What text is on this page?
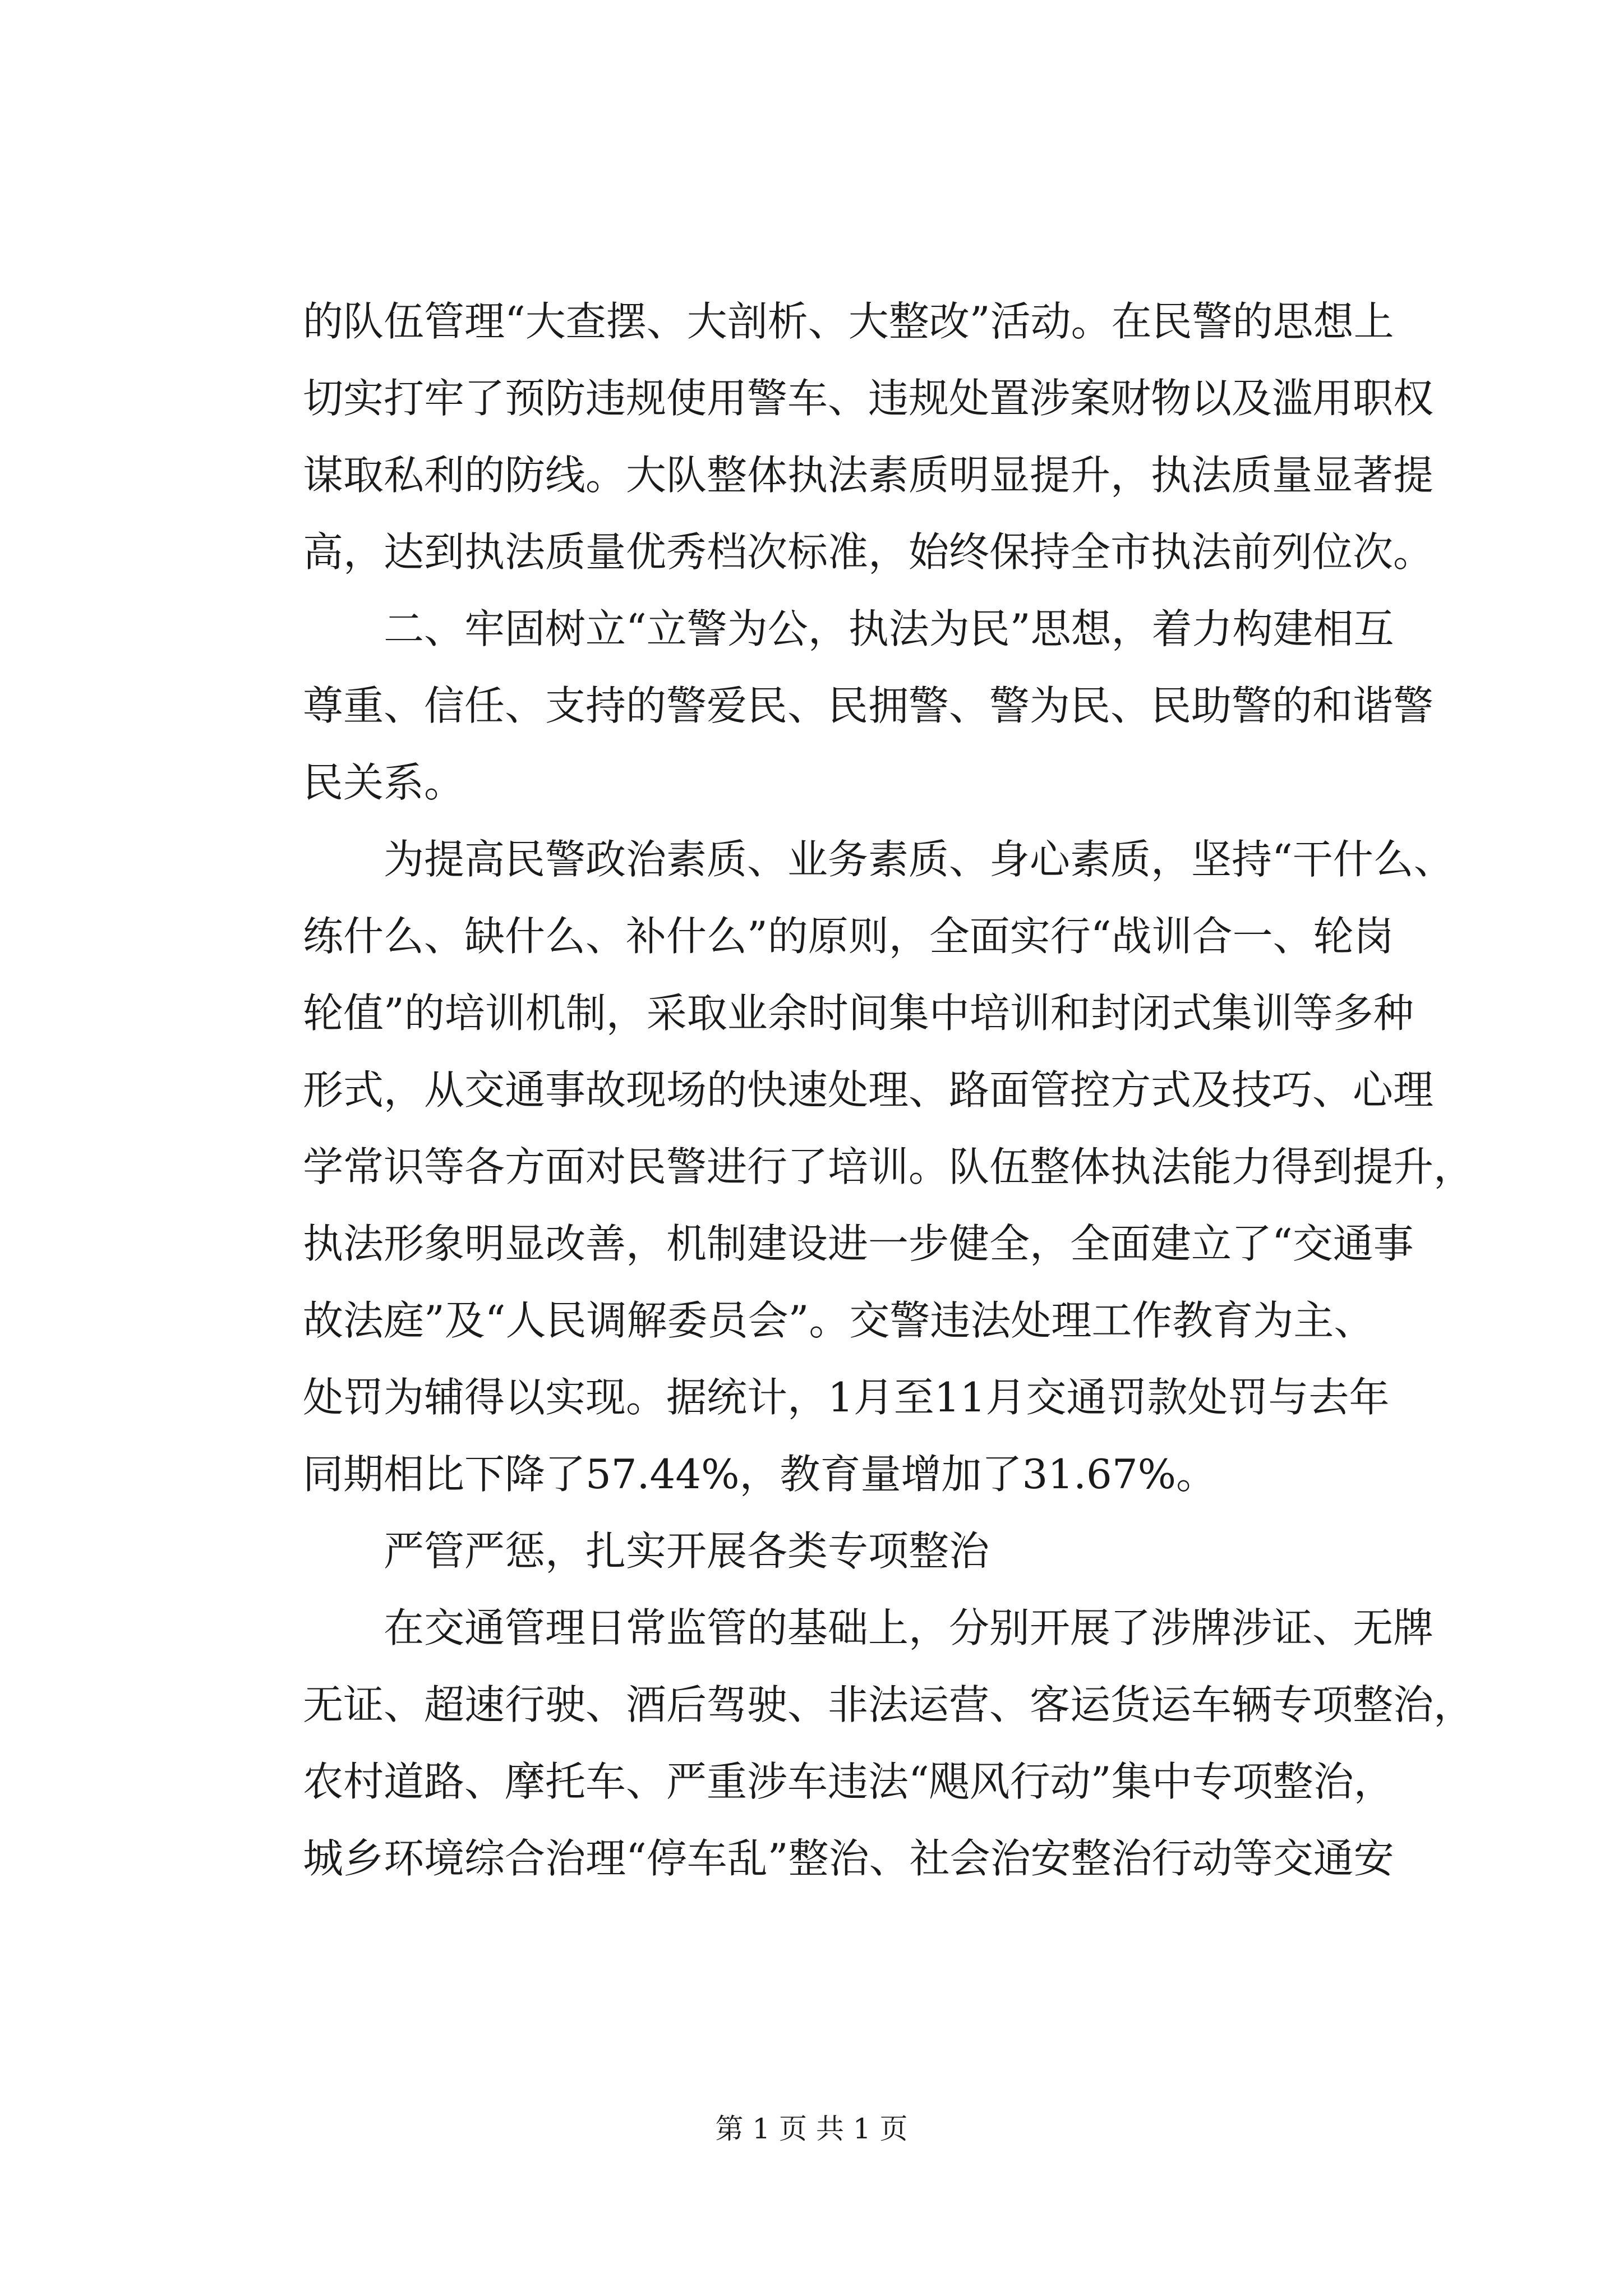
的队伍管理“大查摆、大剖析、大整改”活动。在民警的思想上
切实打牢了预防违规使用警车、违规处置涉案财物以及滥用职权
谋取私利的防线。大队整体执法素质明显提升，执法质量显著提
高，达到执法质量优秀档次标准，始终保持全市执法前列位次。
　　二、牢固树立“立警为公，执法为民”思想，着力构建相互
尊重、信任、支持的警爱民、民拥警、警为民、民助警的和谐警
民关系。
　　为提高民警政治素质、业务素质、身心素质，坚持“干什么、
练什么、缺什么、补什么”的原则，全面实行“战训合一、轮岗
轮值”的培训机制，采取业余时间集中培训和封闭式集训等多种
形式，从交通事故现场的快速处理、路面管控方式及技巧、心理
学常识等各方面对民警进行了培训。队伍整体执法能力得到提升，
执法形象明显改善，机制建设进一步健全，全面建立了“交通事
故法庭”及“人民调解委员会”。交警违法处理工作教育为主、
处罚为辅得以实现。据统计，1月至11月交通罚款处罚与去年
同期相比下降了57.44%，教育量增加了31.67%。
　　严管严惩，扎实开展各类专项整治
　　在交通管理日常监管的基础上，分别开展了涉牌涉证、无牌
无证、超速行驶、酒后驾驶、非法运营、客运货运车辆专项整治，
农村道路、摩托车、严重涉车违法“飓风行动”集中专项整治，
城乡环境综合治理“停车乱”整治、社会治安整治行动等交通安
第 1 页 共 1 页
